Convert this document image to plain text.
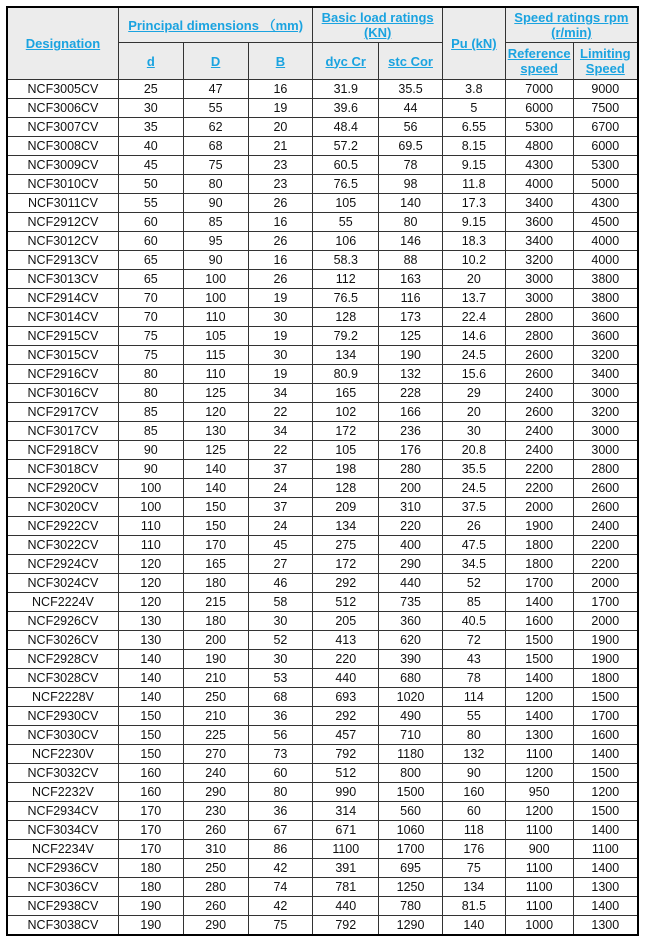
Designation	Principal dimensions （mm)			Basic load ratings (KN)		Pu (kN)	Speed ratings rpm (r/min)	
	d	D	B	dyc Cr	stc Cor		Reference speed	Limiting Speed
NCF3005CV	25	47	16	31.9	35.5	3.8	7000	9000
NCF3006CV	30	55	19	39.6	44	5	6000	7500
NCF3007CV	35	62	20	48.4	56	6.55	5300	6700
NCF3008CV	40	68	21	57.2	69.5	8.15	4800	6000
NCF3009CV	45	75	23	60.5	78	9.15	4300	5300
NCF3010CV	50	80	23	76.5	98	11.8	4000	5000
NCF3011CV	55	90	26	105	140	17.3	3400	4300
NCF2912CV	60	85	16	55	80	9.15	3600	4500
NCF3012CV	60	95	26	106	146	18.3	3400	4000
NCF2913CV	65	90	16	58.3	88	10.2	3200	4000
NCF3013CV	65	100	26	112	163	20	3000	3800
NCF2914CV	70	100	19	76.5	116	13.7	3000	3800
NCF3014CV	70	110	30	128	173	22.4	2800	3600
NCF2915CV	75	105	19	79.2	125	14.6	2800	3600
NCF3015CV	75	115	30	134	190	24.5	2600	3200
NCF2916CV	80	110	19	80.9	132	15.6	2600	3400
NCF3016CV	80	125	34	165	228	29	2400	3000
NCF2917CV	85	120	22	102	166	20	2600	3200
NCF3017CV	85	130	34	172	236	30	2400	3000
NCF2918CV	90	125	22	105	176	20.8	2400	3000
NCF3018CV	90	140	37	198	280	35.5	2200	2800
NCF2920CV	100	140	24	128	200	24.5	2200	2600
NCF3020CV	100	150	37	209	310	37.5	2000	2600
NCF2922CV	110	150	24	134	220	26	1900	2400
NCF3022CV	110	170	45	275	400	47.5	1800	2200
NCF2924CV	120	165	27	172	290	34.5	1800	2200
NCF3024CV	120	180	46	292	440	52	1700	2000
NCF2224V	120	215	58	512	735	85	1400	1700
NCF2926CV	130	180	30	205	360	40.5	1600	2000
NCF3026CV	130	200	52	413	620	72	1500	1900
NCF2928CV	140	190	30	220	390	43	1500	1900
NCF3028CV	140	210	53	440	680	78	1400	1800
NCF2228V	140	250	68	693	1020	114	1200	1500
NCF2930CV	150	210	36	292	490	55	1400	1700
NCF3030CV	150	225	56	457	710	80	1300	1600
NCF2230V	150	270	73	792	1180	132	1100	1400
NCF3032CV	160	240	60	512	800	90	1200	1500
NCF2232V	160	290	80	990	1500	160	950	1200
NCF2934CV	170	230	36	314	560	60	1200	1500
NCF3034CV	170	260	67	671	1060	118	1100	1400
NCF2234V	170	310	86	1100	1700	176	900	1100
NCF2936CV	180	250	42	391	695	75	1100	1400
NCF3036CV	180	280	74	781	1250	134	1100	1300
NCF2938CV	190	260	42	440	780	81.5	1100	1400
NCF3038CV	190	290	75	792	1290	140	1000	1300
